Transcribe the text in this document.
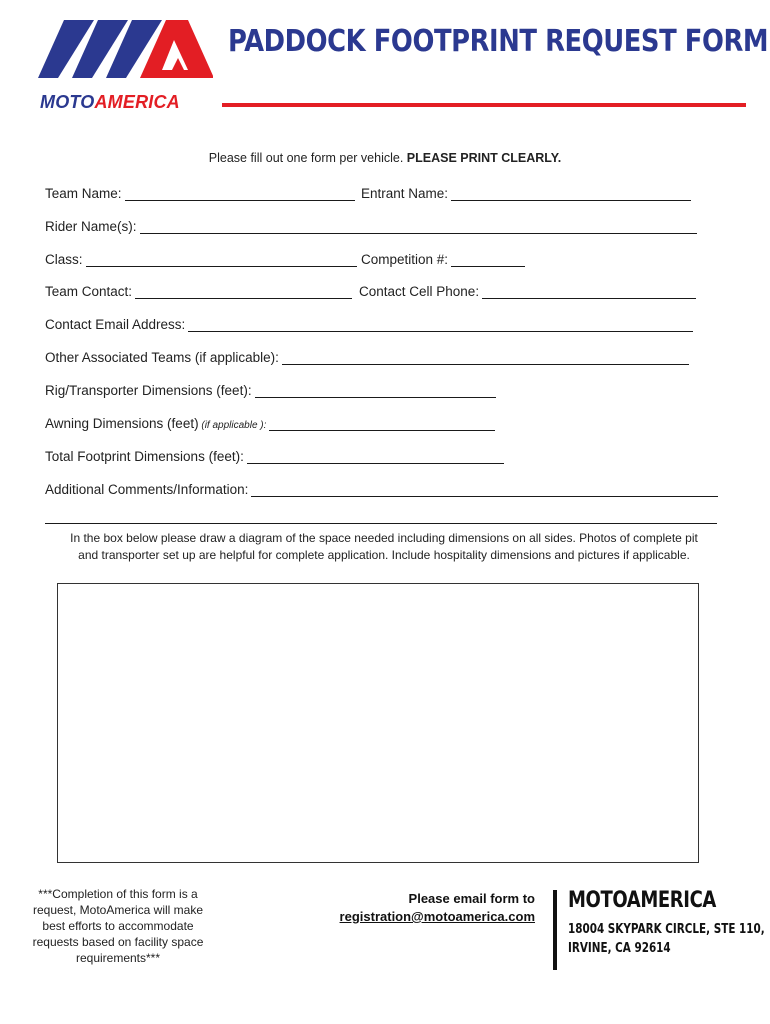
MOTOAMERICA
PADDOCK FOOTPRINT REQUEST FORM
Please fill out one form per vehicle. PLEASE PRINT CLEARLY.
Team Name:	Entrant Name:
Rider Name(s):
Class:	Competition #:
Team Contact:	Contact Cell Phone:
Contact Email Address:
Other Associated Teams (if applicable):
Rig/Transporter Dimensions (feet):
Awning Dimensions (feet) (if applicable ):
Total Footprint Dimensions (feet):
Additional Comments/Information:
In the box below please draw a diagram of the space needed including dimensions on all sides. Photos of complete pit and transporter set up are helpful for complete application. Include hospitality dimensions and pictures if applicable.
***Completion of this form is a request, MotoAmerica will make best efforts to accommodate requests based on facility space requirements***
Please email form to
registration@motoamerica.com
MOTOAMERICA
18004 SKYPARK CIRCLE, STE 110,
IRVINE, CA 92614
